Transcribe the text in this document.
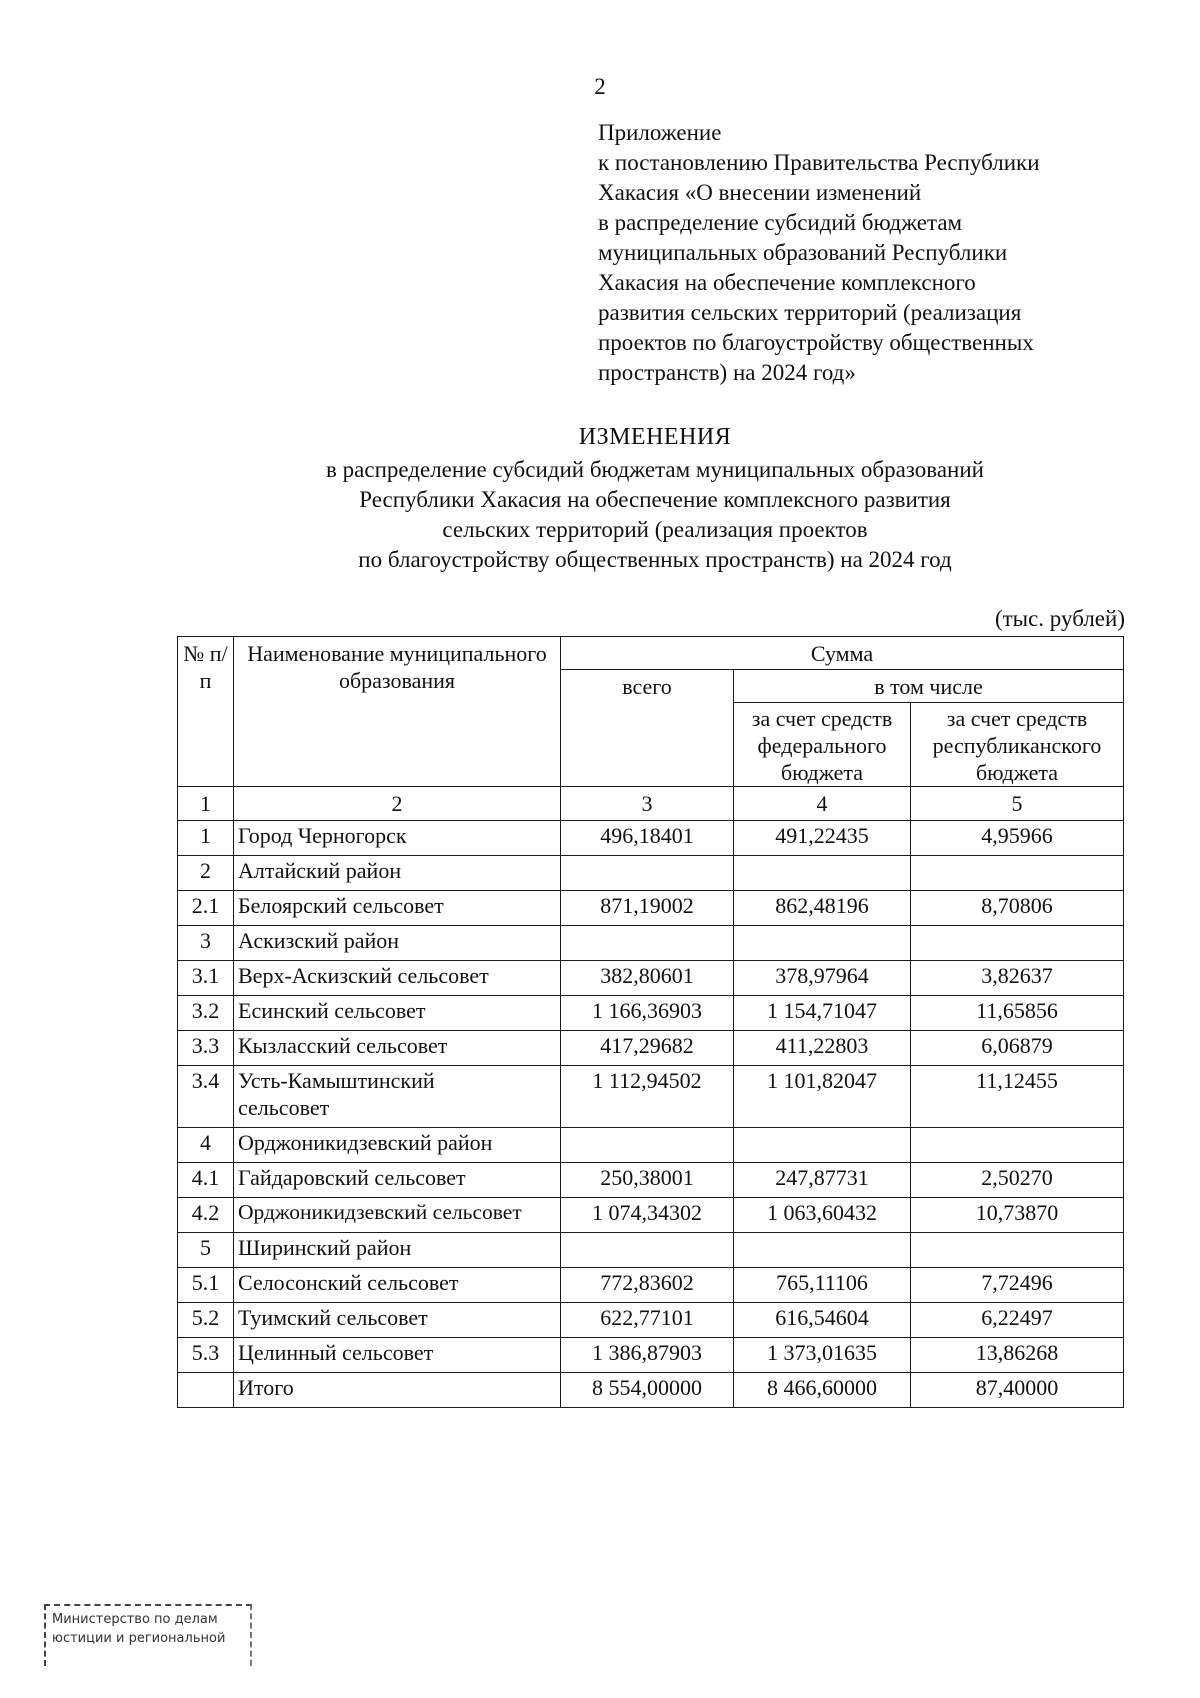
2
Приложение
к постановлению Правительства Республики
Хакасия «О внесении изменений
в распределение субсидий бюджетам
муниципальных образований Республики
Хакасия на обеспечение комплексного
развития сельских территорий (реализация
проектов по благоустройству общественных
пространств) на 2024 год»
ИЗМЕНЕНИЯ
в распределение субсидий бюджетам муниципальных образований
Республики Хакасия на обеспечение комплексного развития
сельских территорий (реализация проектов
по благоустройству общественных пространств) на 2024 год
(тыс. рублей)
№ п/п	Наименование муниципального образования	Сумма		
		всего	в том числе	
			за счет средств федерального бюджета	за счет средств республиканского бюджета
1	2	3	4	5
1	Город Черногорск	496,18401	491,22435	4,95966
2	Алтайский район			
2.1	Белоярский сельсовет	871,19002	862,48196	8,70806
3	Аскизский район			
3.1	Верх-Аскизский сельсовет	382,80601	378,97964	3,82637
3.2	Есинский сельсовет	1 166,36903	1 154,71047	11,65856
3.3	Кызласский сельсовет	417,29682	411,22803	6,06879
3.4	Усть-Камыштинский сельсовет	1 112,94502	1 101,82047	11,12455
4	Орджоникидзевский район			
4.1	Гайдаровский сельсовет	250,38001	247,87731	2,50270
4.2	Орджоникидзевский сельсовет	1 074,34302	1 063,60432	10,73870
5	Ширинский район			
5.1	Селосонский сельсовет	772,83602	765,11106	7,72496
5.2	Туимский сельсовет	622,77101	616,54604	6,22497
5.3	Целинный сельсовет	1 386,87903	1 373,01635	13,86268
	Итого	8 554,00000	8 466,60000	87,40000
Министерство по делам
юстиции и региональной
